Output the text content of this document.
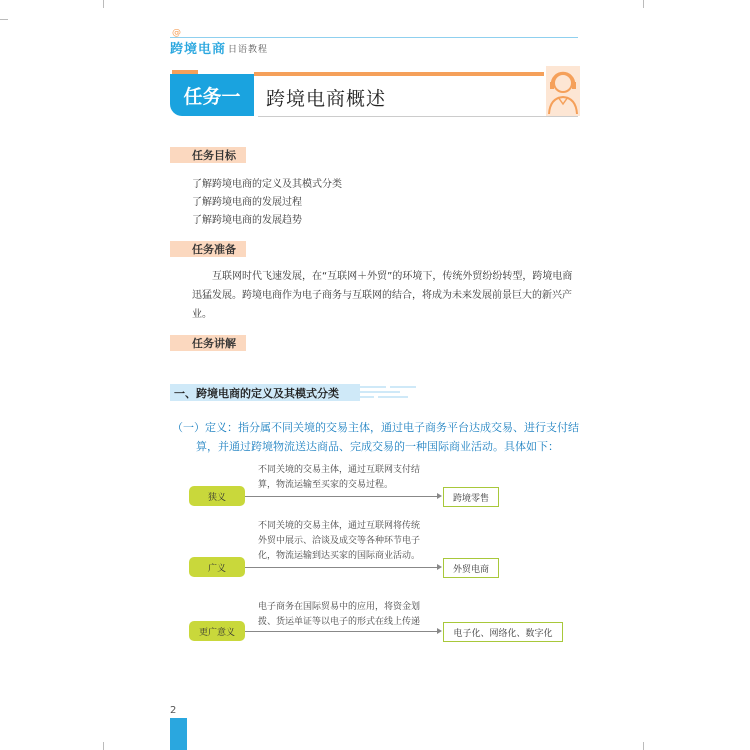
@
跨境电商 日语教程
任务一	跨境电商概述
任务目标
了解跨境电商的定义及其模式分类
了解跨境电商的发展过程
了解跨境电商的发展趋势
任务准备
互联网时代飞速发展，在“互联网＋外贸”的环境下，传统外贸纷纷转型，跨境电商迅猛发展。跨境电商作为电子商务与互联网的结合，将成为未来发展前景巨大的新兴产业。
任务讲解
一、跨境电商的定义及其模式分类
（一）定义：指分属不同关境的交易主体，通过电子商务平台达成交易、进行支付结
算，并通过跨境物流送达商品、完成交易的一种国际商业活动。具体如下：
不同关境的交易主体，通过互联网支付结
算，物流运输至买家的交易过程。
狭义	跨境零售
不同关境的交易主体，通过互联网将传统
外贸中展示、洽谈及成交等各种环节电子
化，物流运输到达买家的国际商业活动。
广义	外贸电商
电子商务在国际贸易中的应用，将资金划
拨、货运单证等以电子的形式在线上传递
更广意义	电子化、网络化、数字化
2
